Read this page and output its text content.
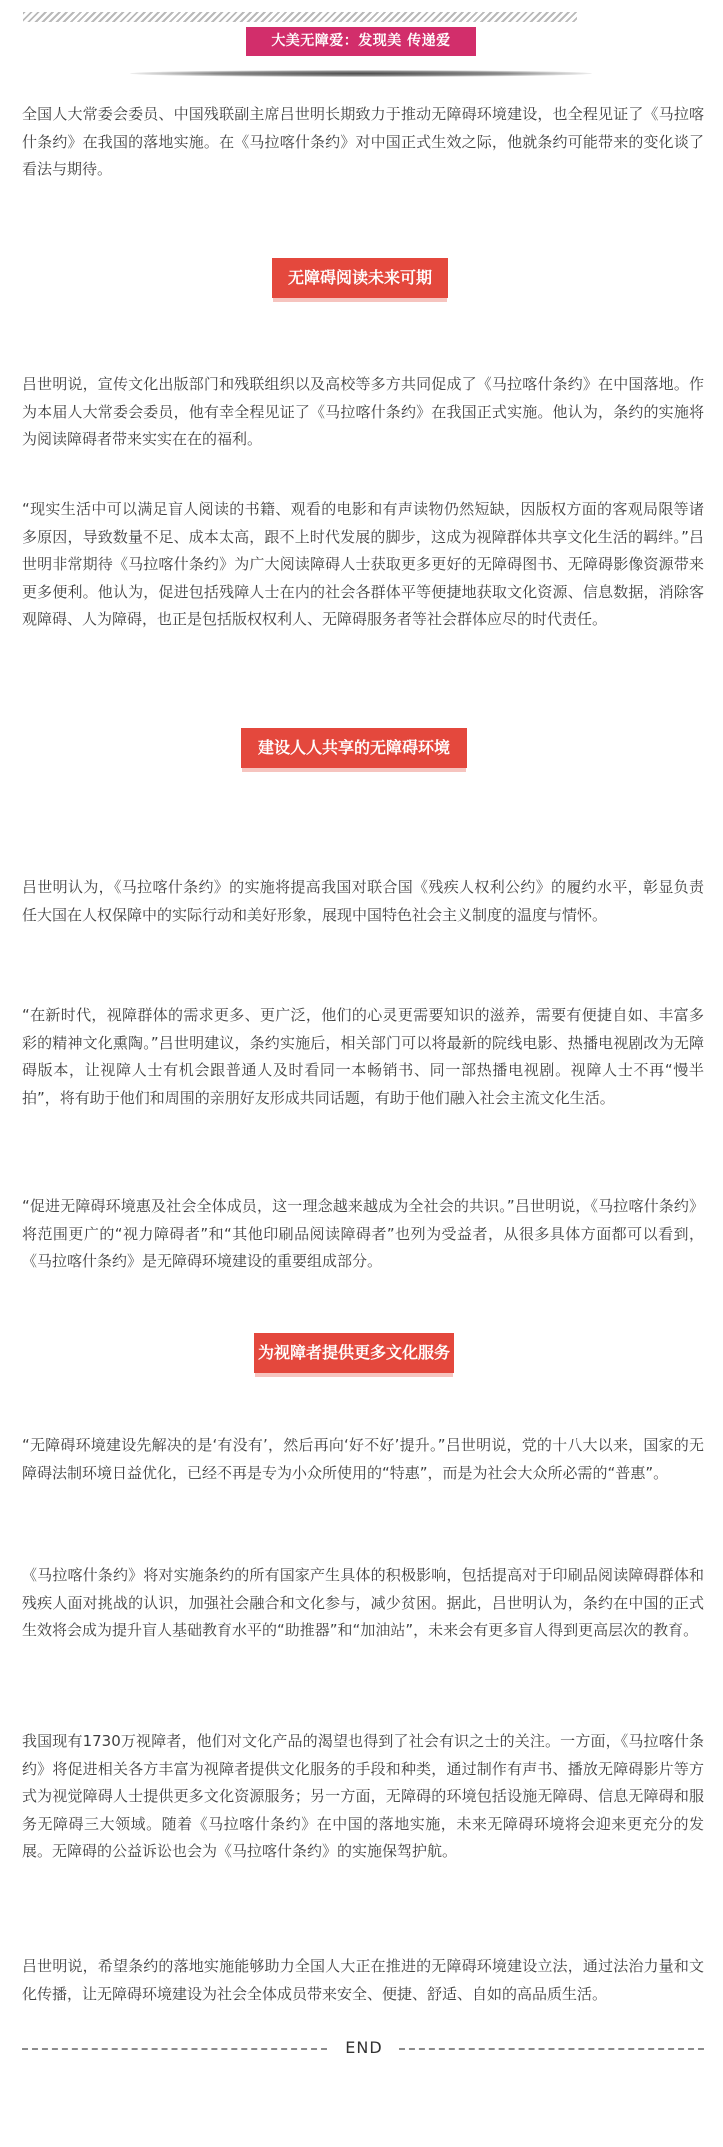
大美无障爱：发现美 传递爱

全国人大常委会委员、中国残联副主席吕世明长期致力于推动无障碍环境建设，也全程见证了《马拉喀什条约》在我国的落地实施。在《马拉喀什条约》对中国正式生效之际，他就条约可能带来的变化谈了看法与期待。

无障碍阅读未来可期

吕世明说，宣传文化出版部门和残联组织以及高校等多方共同促成了《马拉喀什条约》在中国落地。作为本届人大常委会委员，他有幸全程见证了《马拉喀什条约》在我国正式实施。他认为，条约的实施将为阅读障碍者带来实实在在的福利。

“现实生活中可以满足盲人阅读的书籍、观看的电影和有声读物仍然短缺，因版权方面的客观局限等诸多原因，导致数量不足、成本太高，跟不上时代发展的脚步，这成为视障群体共享文化生活的羁绊。”吕世明非常期待《马拉喀什条约》为广大阅读障碍人士获取更多更好的无障碍图书、无障碍影像资源带来更多便利。他认为，促进包括残障人士在内的社会各群体平等便捷地获取文化资源、信息数据，消除客观障碍、人为障碍，也正是包括版权权利人、无障碍服务者等社会群体应尽的时代责任。

建设人人共享的无障碍环境

吕世明认为，《马拉喀什条约》的实施将提高我国对联合国《残疾人权利公约》的履约水平，彰显负责任大国在人权保障中的实际行动和美好形象，展现中国特色社会主义制度的温度与情怀。

“在新时代，视障群体的需求更多、更广泛，他们的心灵更需要知识的滋养，需要有便捷自如、丰富多彩的精神文化熏陶。”吕世明建议，条约实施后，相关部门可以将最新的院线电影、热播电视剧改为无障碍版本，让视障人士有机会跟普通人及时看同一本畅销书、同一部热播电视剧。视障人士不再“慢半拍”，将有助于他们和周围的亲朋好友形成共同话题，有助于他们融入社会主流文化生活。

“促进无障碍环境惠及社会全体成员，这一理念越来越成为全社会的共识。”吕世明说，《马拉喀什条约》将范围更广的“视力障碍者”和“其他印刷品阅读障碍者”也列为受益者，从很多具体方面都可以看到，《马拉喀什条约》是无障碍环境建设的重要组成部分。

为视障者提供更多文化服务

“无障碍环境建设先解决的是‘有没有’，然后再向‘好不好’提升。”吕世明说，党的十八大以来，国家的无障碍法制环境日益优化，已经不再是专为小众所使用的“特惠”，而是为社会大众所必需的“普惠”。

《马拉喀什条约》将对实施条约的所有国家产生具体的积极影响，包括提高对于印刷品阅读障碍群体和残疾人面对挑战的认识，加强社会融合和文化参与，减少贫困。据此，吕世明认为，条约在中国的正式生效将会成为提升盲人基础教育水平的“助推器”和“加油站”，未来会有更多盲人得到更高层次的教育。

我国现有1730万视障者，他们对文化产品的渴望也得到了社会有识之士的关注。一方面，《马拉喀什条约》将促进相关各方丰富为视障者提供文化服务的手段和种类，通过制作有声书、播放无障碍影片等方式为视觉障碍人士提供更多文化资源服务；另一方面，无障碍的环境包括设施无障碍、信息无障碍和服务无障碍三大领域。随着《马拉喀什条约》在中国的落地实施，未来无障碍环境将会迎来更充分的发展。无障碍的公益诉讼也会为《马拉喀什条约》的实施保驾护航。

吕世明说，希望条约的落地实施能够助力全国人大正在推进的无障碍环境建设立法，通过法治力量和文化传播，让无障碍环境建设为社会全体成员带来安全、便捷、舒适、自如的高品质生活。

END
